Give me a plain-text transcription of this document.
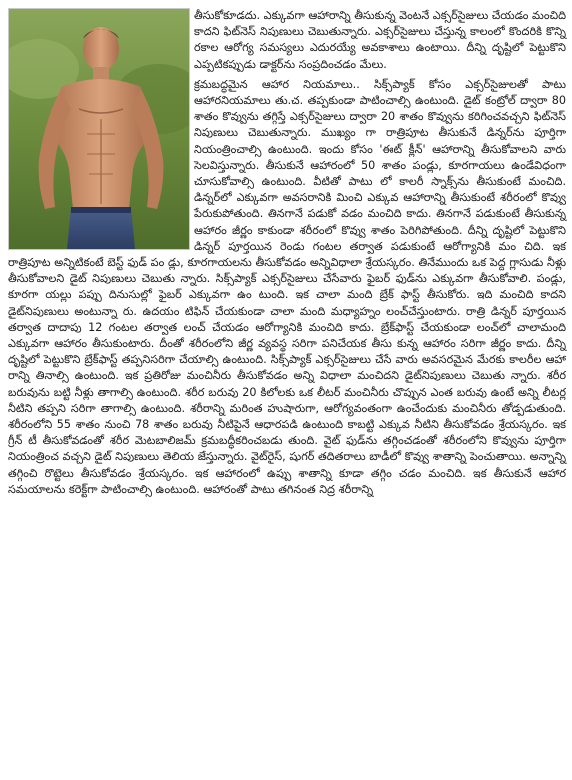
తీసుకోకూడదు. ఎక్కువగా ఆహారాన్ని తీసుకున్న వెంటనే ఎక్సర్‌సైజులు చేయడం మంచిది కాదని ఫిట్‌నెస్ నిపుణులు చెబుతున్నారు. ఎక్సర్‌సైజులు చేస్తున్న కాలంలో కొందరికి కొన్ని రకాల ఆరోగ్య సమస్యలు ఎదురయ్యే అవకాశాలు ఉంటాయి. దీన్ని దృష్టిలో పెట్టుకొని ఎప్పటికప్పుడు డాక్టర్‌ను సంప్రదించడం మేలు.

క్రమబద్ధమైన ఆహార నియమాలు.. సిక్స్‌ప్యాక్ కోసం ఎక్సర్‌సైజులతో పాటు ఆహారనియమాలు తు.చ. తప్పకుండా పాటించాల్సి ఉంటుంది. డైట్ కంట్రోల్ ద్వారా 80 శాతం కొవ్వును తగ్గిస్తే ఎక్సర్‌సైజులు ద్వారా 20 శాతం కొవ్వును కరిగించవచ్చని ఫిట్‌నెస్ నిపుణులు చెబుతున్నారు. ముఖ్యం గా రాత్రిపూట తీసుకునే డిన్నర్‌ను పూర్తిగా నియంత్రించాల్సి ఉంటుంది. ఇందు కోసం 'ఈట్ క్లీన్' ఆహారాన్ని తీసుకోవాలని వారు సెలవిస్తున్నారు. తీసుకునే ఆహారంలో 50 శాతం పండ్లు, కూరగాయలు ఉండేవిధంగా చూసుకోవాల్సి ఉంటుంది. వీటితో పాటు లో కాలరీ స్నాక్స్‌ను తీసుకుంటే మంచిది. డిన్నర్‌లో ఎక్కువగా అవసరానికి మించి ఎక్కువ ఆహారాన్ని తీసుకుంటే శరీరంలో కొవ్వు పేరుకుపోతుంది. తినగానే పడుకో వడం మంచిది కాదు. తినగానే పడుకుంటే తీసుకున్న ఆహారం జీర్ణం కాకుండా శరీరంలో కొవ్వు శాతం పెరిగిపోతుంది. దీన్ని దృష్టిలో పెట్టుకొని డిన్నర్ పూర్తయిన రెండు గంటల తర్వాత పడుకుంటే ఆరోగ్యానికి మం చిది. ఇక రాత్రిపూట అన్నిటికంటే బెస్ట్ ఫుడ్ పం డ్లు, కూరగాయలను తీసుకోవడం అన్నివిధాలా శ్రేయస్కరం. తినేముందు ఒక పెద్ద గ్లాసుడు నీళ్లు తీసుకోవాలని డైట్ నిపుణులు చెబుతు న్నారు. సిక్స్‌ప్యాక్ ఎక్సర్‌సైజులు చేసేవారు ఫైబర్ ఫుడ్‌ను ఎక్కువగా తీసుకోవాలి. పండ్లు, కూరగా యల్లు పప్పు దినుసుల్లో ఫైబర్ ఎక్కువగా ఉం టుంది. ఇక చాలా మంది బ్రేక్ ఫాస్ట్ తీసుకోరు. ఇది మంచిది కాదని డైట్‌నిపుణులు అంటున్నా రు. ఉదయం టిఫిన్ చేయకుండా చాలా మంది మధ్యాహ్నం లంచ్‌చేస్తుంటారు. రాత్రి డిన్నర్ పూర్తయిన తర్వాత దాదాపు 12 గంటల తర్వాత లంచ్ చేయడం ఆరోగ్యానికి మంచిది కాదు. బ్రేక్‌ఫాస్ట్ చేయకుండా లంచ్‌లో చాలామంది ఎక్కువగా ఆహారం తీసుకుంటారు. దీంతో శరీరంలోని జీర్ణ వ్యవస్థ సరిగా పనిచేయక తీసు కున్న ఆహారం సరిగా జీర్ణం కాదు. దీన్ని దృష్టిలో పెట్టుకొని బ్రేక్‌ఫాస్ట్ తప్పనిసరిగా చేయాల్సి ఉంటుంది. సిక్స్‌ప్యాక్ ఎక్సర్‌సైజులు చేసే వారు అవసరమైన మేరకు కాలరీల ఆహా రాన్ని తినాల్సి ఉంటుంది. ఇక ప్రతిరోజు మంచినీరు తీసుకోవడం అన్ని విధాలా మంచిదని డైట్‌నిపుణులు చెబుతు న్నారు. శరీర బరువును బట్టి నీళ్లు తాగాల్సి ఉంటుంది. శరీర బరువు 20 కిలోలకు ఒక లీటర్ మంచినీరు చొప్పున ఎంత బరువు ఉంటే అన్ని లీటర్ల నీటిని తప్పని సరిగా తాగాల్సి ఉంటుంది. శరీరాన్ని మరింత హుషారుగా, ఆరోగ్యవంతంగా ఉంచేందుకు మంచినీరు తోడ్పడుతుంది. శరీరంలోని 55 శాతం నుంచి 78 శాతం బరువు నీటిపైనే ఆధారపడి ఉంటుంది కాబట్టి ఎక్కువ నీటిని తీసుకోవడం శ్రేయస్కరం. ఇక గ్రీన్ టీ తీసుకోవడంతో శరీర మెటబాలిజమ్ క్రమబద్ధీకరించబడు తుంది. వైట్ ఫుడ్‌ను తగ్గించడంతో శరీరంలోని కొవ్వును పూర్తిగా నియంత్రించ వచ్చని డైట్ నిపుణులు తెలియ జేస్తున్నారు. వైట్‌రైస్, షుగర్ తదితరాలు బాడీలో కొవ్వు శాతాన్ని పెంచుతాయి. అన్నాన్ని తగ్గించి రొట్టెలు తీసుకోవడం శ్రేయస్కరం. ఇక ఆహారంలో ఉప్పు శాతాన్ని కూడా తగ్గిం చడం మంచిది. ఇక తీసుకునే ఆహార సమయాలను కరెక్ట్‌గా పాటించాల్సి ఉంటుంది. ఆహారంతో పాటు తగినంత నిద్ర శరీరాన్ని
